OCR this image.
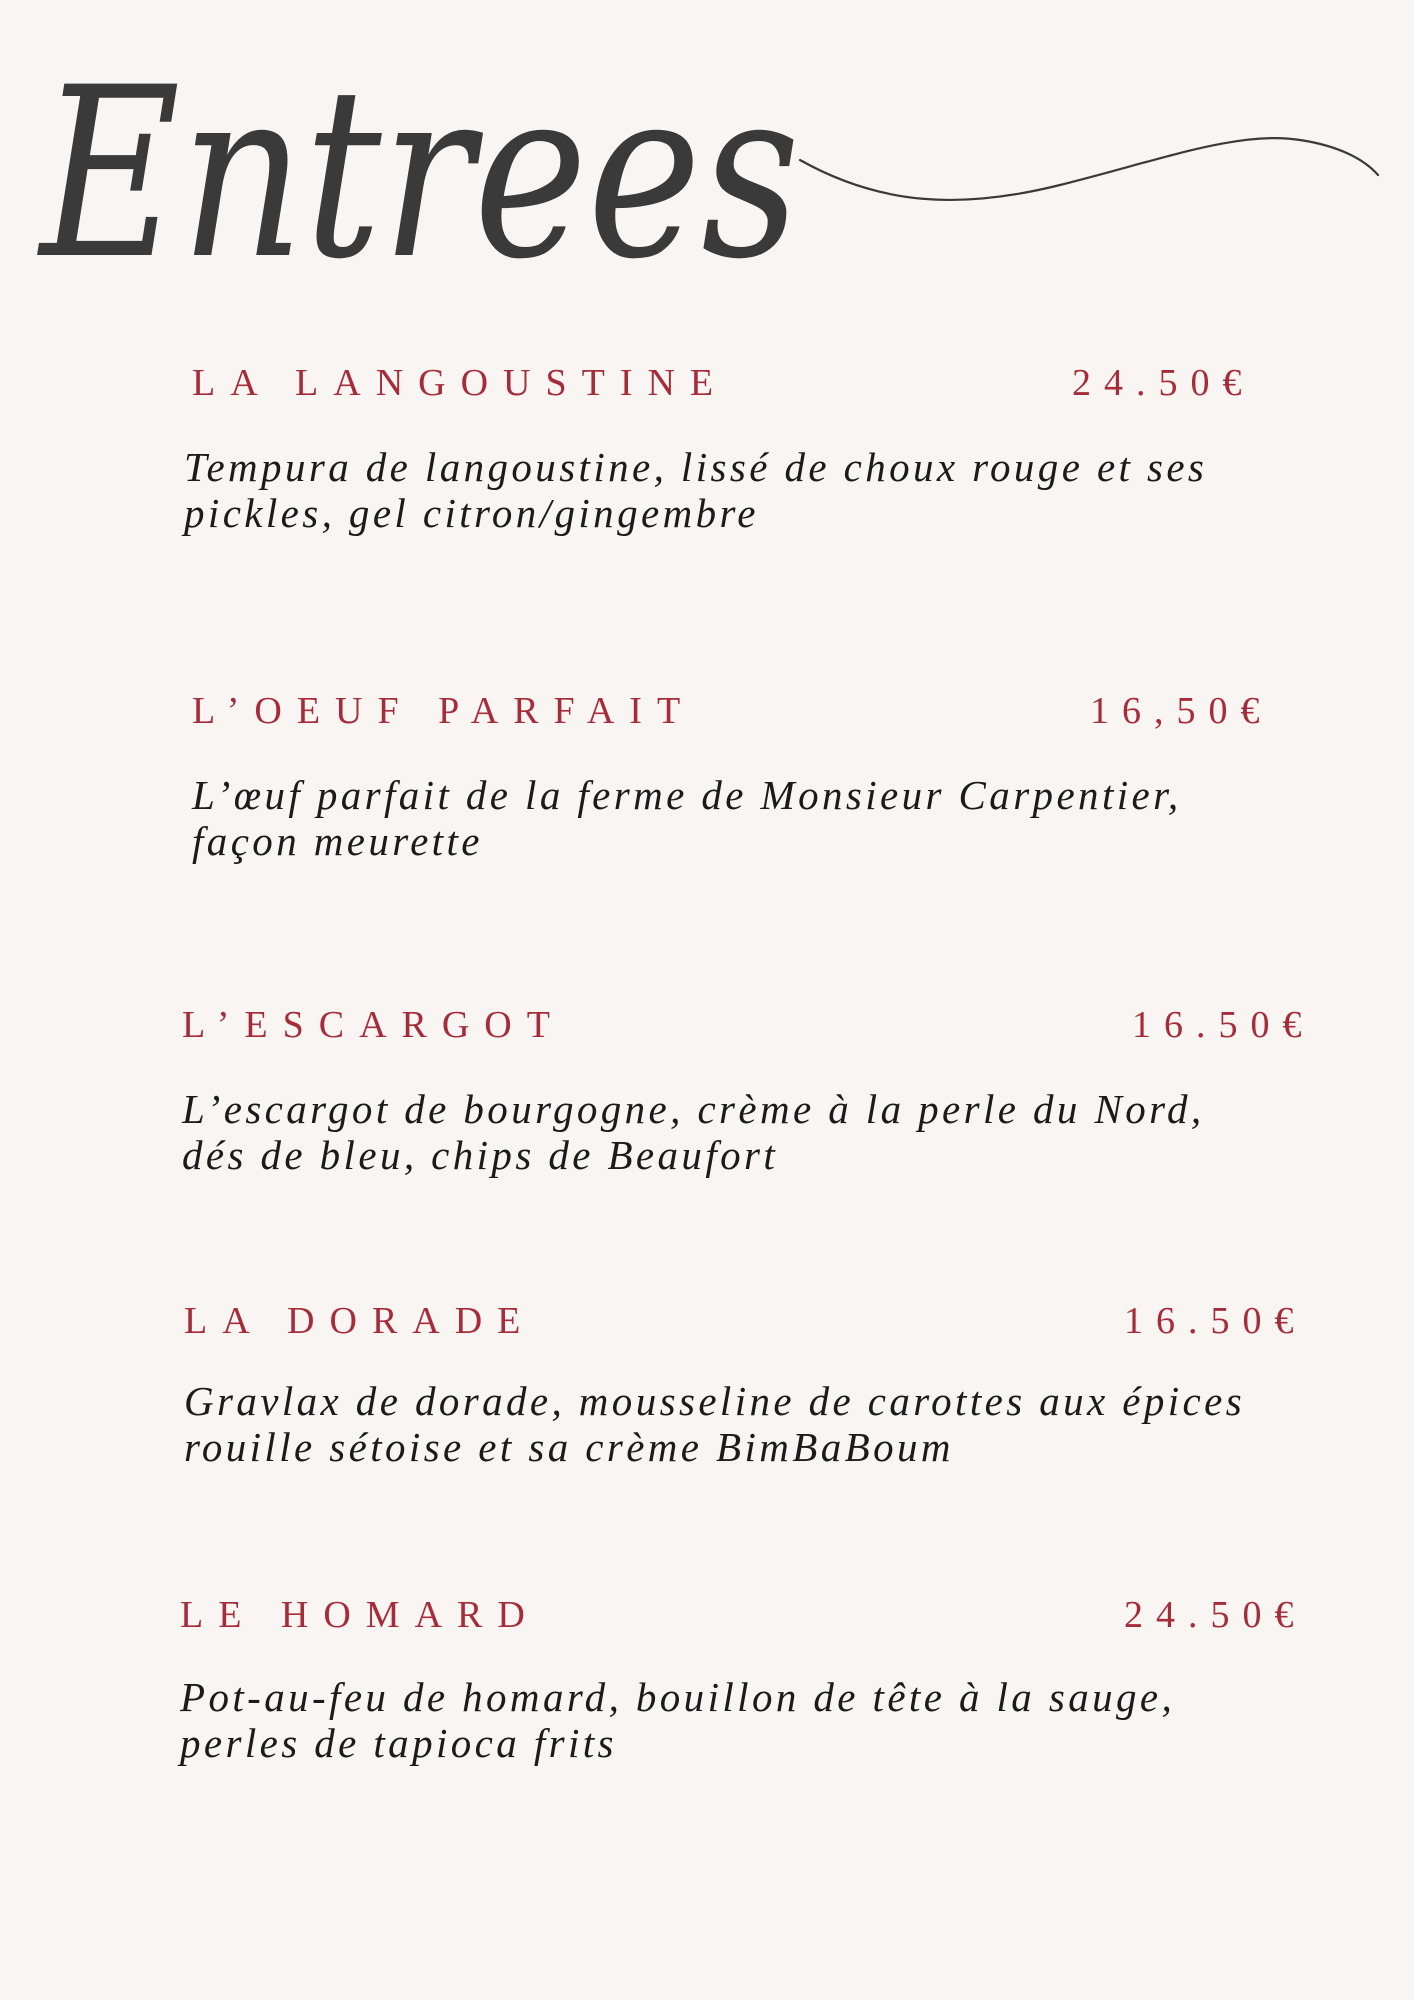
Entrees
LA LANGOUSTINE	24.50€
Tempura de langoustine, lissé de choux rouge et ses
pickles, gel citron/gingembre
L’OEUF PARFAIT	16,50€
L’œuf parfait de la ferme de Monsieur Carpentier,
façon meurette
L’ESCARGOT	16.50€
L’escargot de bourgogne, crème à la perle du Nord,
dés de bleu, chips de Beaufort
LA DORADE	16.50€
Gravlax de dorade, mousseline de carottes aux épices
rouille sétoise et sa crème BimBaBoum
LE HOMARD	24.50€
Pot-au-feu de homard, bouillon de tête à la sauge,
perles de tapioca frits
